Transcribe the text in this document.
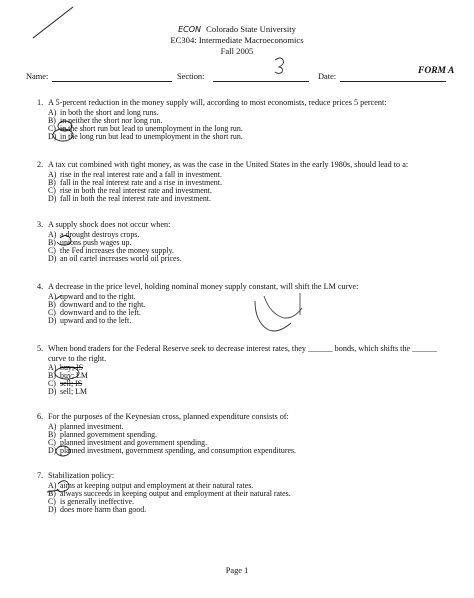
ECON Colorado State University
EC304: Intermediate Macroeconomics
Fall 2005
FORM A
Name:	Section:	Date:
1. A 5-percent reduction in the money supply will, according to most economists, reduce prices 5 percent:
A) in both the short and long runs.
B) in neither the short nor long run.
C) in the short run but lead to unemployment in the long run.
D) in the long run but lead to unemployment in the short run.
2. A tax cut combined with tight money, as was the case in the United States in the early 1980s, should lead to a:
A) rise in the real interest rate and a fall in investment.
B) fall in the real interest rate and a rise in investment.
C) rise in both the real interest rate and investment.
D) fall in both the real interest rate and investment.
3. A supply shock does not occur when:
A) a drought destroys crops.
B) unions push wages up.
C) the Fed increases the money supply.
D) an oil cartel increases world oil prices.
4. A decrease in the price level, holding nominal money supply constant, will shift the LM curve:
A) upward and to the right.
B) downward and to the right.
C) downward and to the left.
D) upward and to the left.
5. When bond traders for the Federal Reserve seek to decrease interest rates, they ______ bonds, which shifts the ______
curve to the right.
A) buy; IS
B) buy; LM
C) sell; IS
D) sell; LM
6. For the purposes of the Keynesian cross, planned expenditure consists of:
A) planned investment.
B) planned government spending.
C) planned investment and government spending.
D) planned investment, government spending, and consumption expenditures.
7. Stabilization policy:
A) aims at keeping output and employment at their natural rates.
B) always succeeds in keeping output and employment at their natural rates.
C) is generally ineffective.
D) does more harm than good.
Page 1
